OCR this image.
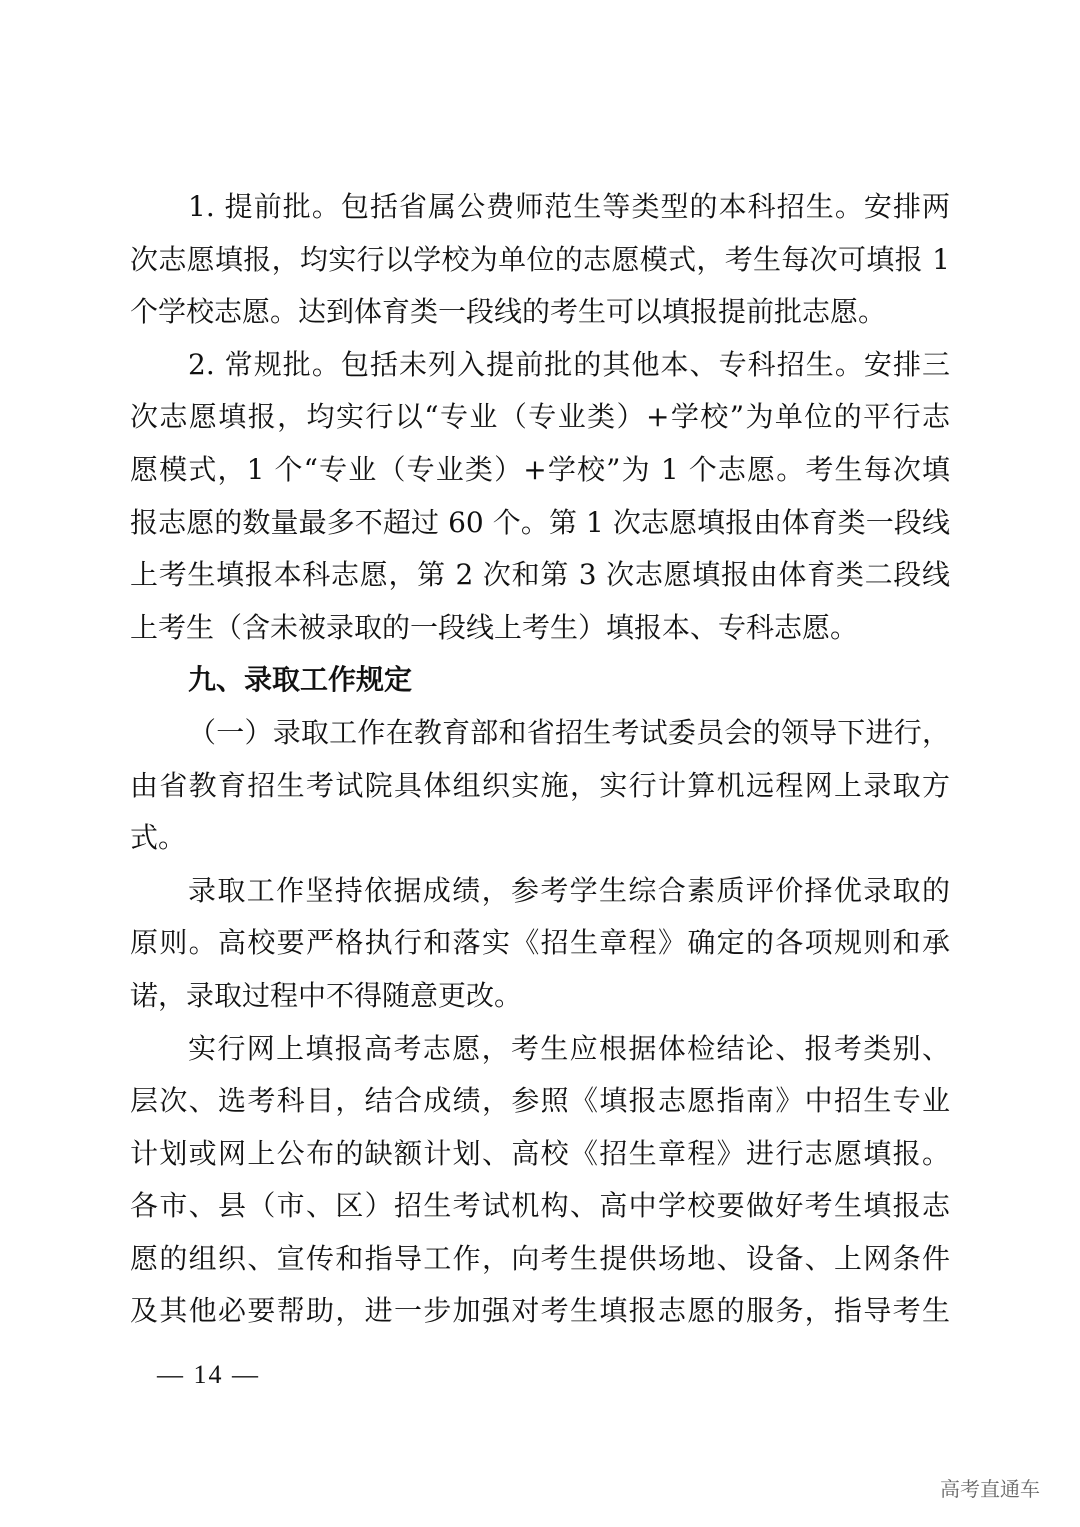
1. 提前批。包括省属公费师范生等类型的本科招生。安排两
次志愿填报，均实行以学校为单位的志愿模式，考生每次可填报 1
个学校志愿。达到体育类一段线的考生可以填报提前批志愿。
2. 常规批。包括未列入提前批的其他本、专科招生。安排三
次志愿填报，均实行以“专业（专业类）+学校”为单位的平行志
愿模式，1 个“专业（专业类）+学校”为 1 个志愿。考生每次填
报志愿的数量最多不超过 60 个。第 1 次志愿填报由体育类一段线
上考生填报本科志愿，第 2 次和第 3 次志愿填报由体育类二段线
上考生（含未被录取的一段线上考生）填报本、专科志愿。
九、录取工作规定
（一）录取工作在教育部和省招生考试委员会的领导下进行，
由省教育招生考试院具体组织实施，实行计算机远程网上录取方
式。
录取工作坚持依据成绩，参考学生综合素质评价择优录取的
原则。高校要严格执行和落实《招生章程》确定的各项规则和承
诺，录取过程中不得随意更改。
实行网上填报高考志愿，考生应根据体检结论、报考类别、
层次、选考科目，结合成绩，参照《填报志愿指南》中招生专业
计划或网上公布的缺额计划、高校《招生章程》进行志愿填报。
各市、县（市、区）招生考试机构、高中学校要做好考生填报志
愿的组织、宣传和指导工作，向考生提供场地、设备、上网条件
及其他必要帮助，进一步加强对考生填报志愿的服务，指导考生
— 14 —
高考直通车
